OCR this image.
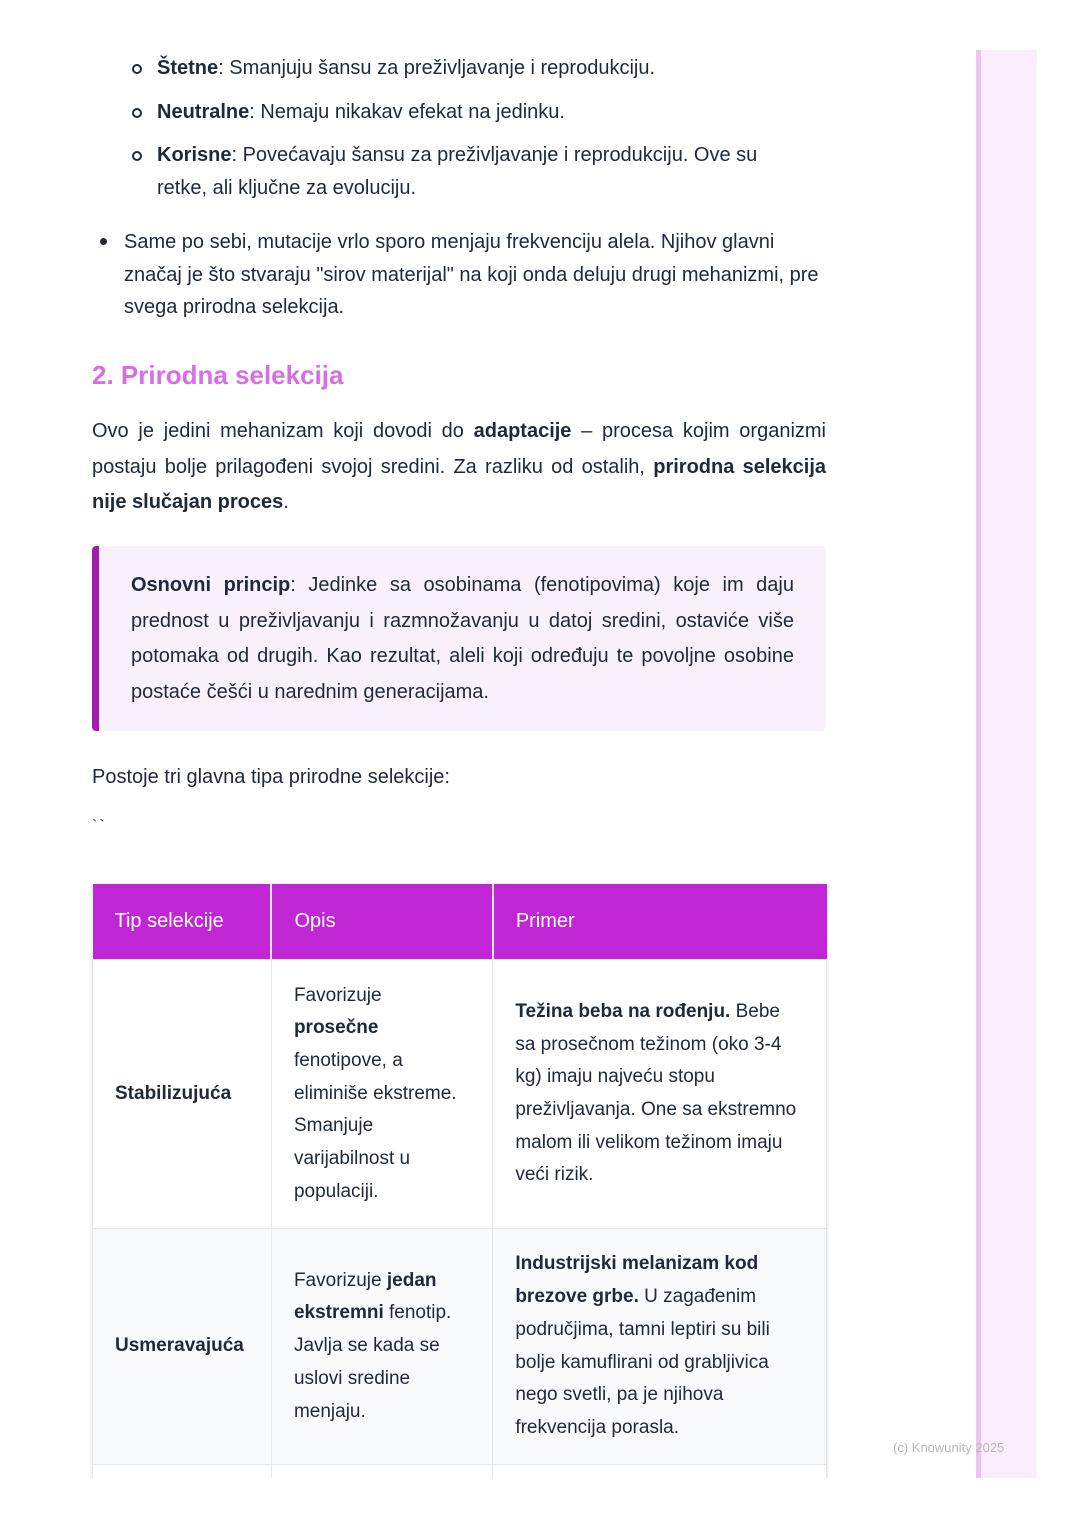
Štetne: Smanjuju šansu za preživljavanje i reprodukciju.
Neutralne: Nemaju nikakav efekat na jedinku.
Korisne: Povećavaju šansu za preživljavanje i reprodukciju. Ove su retke, ali ključne za evoluciju.
Same po sebi, mutacije vrlo sporo menjaju frekvenciju alela. Njihov glavni značaj je što stvaraju "sirov materijal" na koji onda deluju drugi mehanizmi, pre svega prirodna selekcija.
2. Prirodna selekcija

Ovo je jedini mehanizam koji dovodi do adaptacije – procesa kojim organizmi postaju bolje prilagođeni svojoj sredini. Za razliku od ostalih, prirodna selekcija nije slučajan proces.

Osnovni princip: Jedinke sa osobinama (fenotipovima) koje im daju prednost u preživljavanju i razmnožavanju u datoj sredini, ostaviće više potomaka od drugih. Kao rezultat, aleli koji određuju te povoljne osobine postaće češći u narednim generacijama.

Postoje tri glavna tipa prirodne selekcije:

``
Tip selekcije	Opis	Primer
Stabilizujuća	Favorizuje prosečne fenotipove, a eliminiše ekstreme. Smanjuje varijabilnost u populaciji.	Težina beba na rođenju. Bebe sa prosečnom težinom (oko 3-4 kg) imaju najveću stopu preživljavanja. One sa ekstremno malom ili velikom težinom imaju veći rizik.
Usmeravajuća	Favorizuje jedan ekstremni fenotip. Javlja se kada se uslovi sredine menjaju.	Industrijski melanizam kod brezove grbe. U zagađenim područjima, tamni leptiri su bili bolje kamuflirani od grabljivica nego svetli, pa je njihova frekvencija porasla.

(c) Knowunity 2025
